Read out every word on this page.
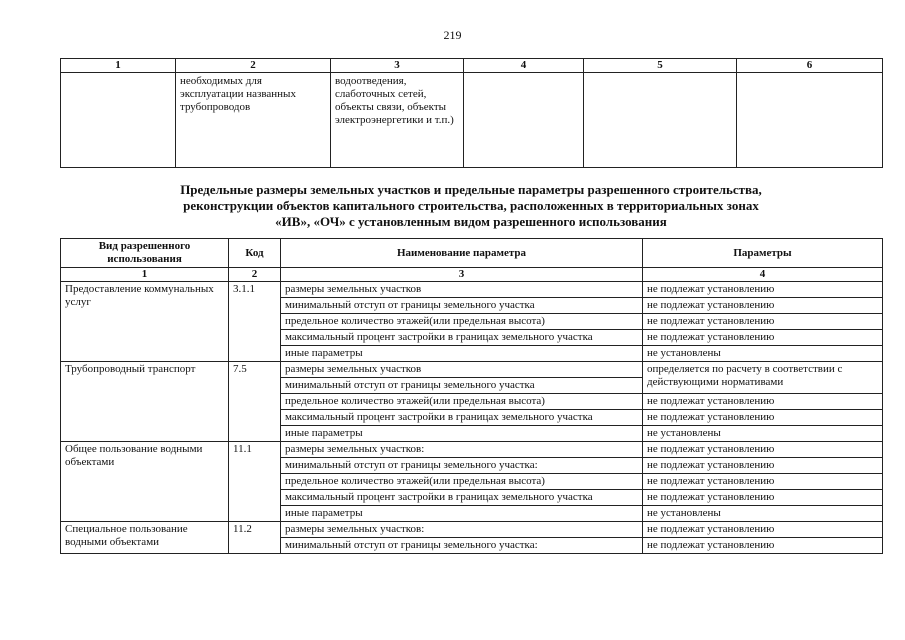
219
1	2	3	4	5	6
	необходимых для эксплуатации названных трубопроводов	водоотведения, слаботочных сетей, объекты связи, объекты электроэнергетики и т.п.)			
Предельные размеры земельных участков и предельные параметры разрешенного строительства,
реконструкции объектов капитального строительства, расположенных в территориальных зонах
«ИВ», «ОЧ» с установленным видом разрешенного использования
Вид разрешенного использования	Код	Наименование параметра	Параметры
1	2	3	4
Предоставление коммунальных услуг	3.1.1	размеры земельных участков	не подлежат установлению
		минимальный отступ от границы земельного участка	не подлежат установлению
		предельное количество этажей(или предельная высота)	не подлежат установлению
		максимальный процент застройки в границах земельного участка	не подлежат установлению
		иные параметры	не установлены
Трубопроводный транспорт	7.5	размеры земельных участков	определяется по расчету в соответствии с действующими нормативами
		минимальный отступ от границы земельного участка	
		предельное количество этажей(или предельная высота)	не подлежат установлению
		максимальный процент застройки в границах земельного участка	не подлежат установлению
		иные параметры	не установлены
Общее пользование водными объектами	11.1	размеры земельных участков:	не подлежат установлению
		минимальный отступ от границы земельного участка:	не подлежат установлению
		предельное количество этажей(или предельная высота)	не подлежат установлению
		максимальный процент застройки в границах земельного участка	не подлежат установлению
		иные параметры	не установлены
Специальное пользование водными объектами	11.2	размеры земельных участков:	не подлежат установлению
		минимальный отступ от границы земельного участка:	не подлежат установлению
